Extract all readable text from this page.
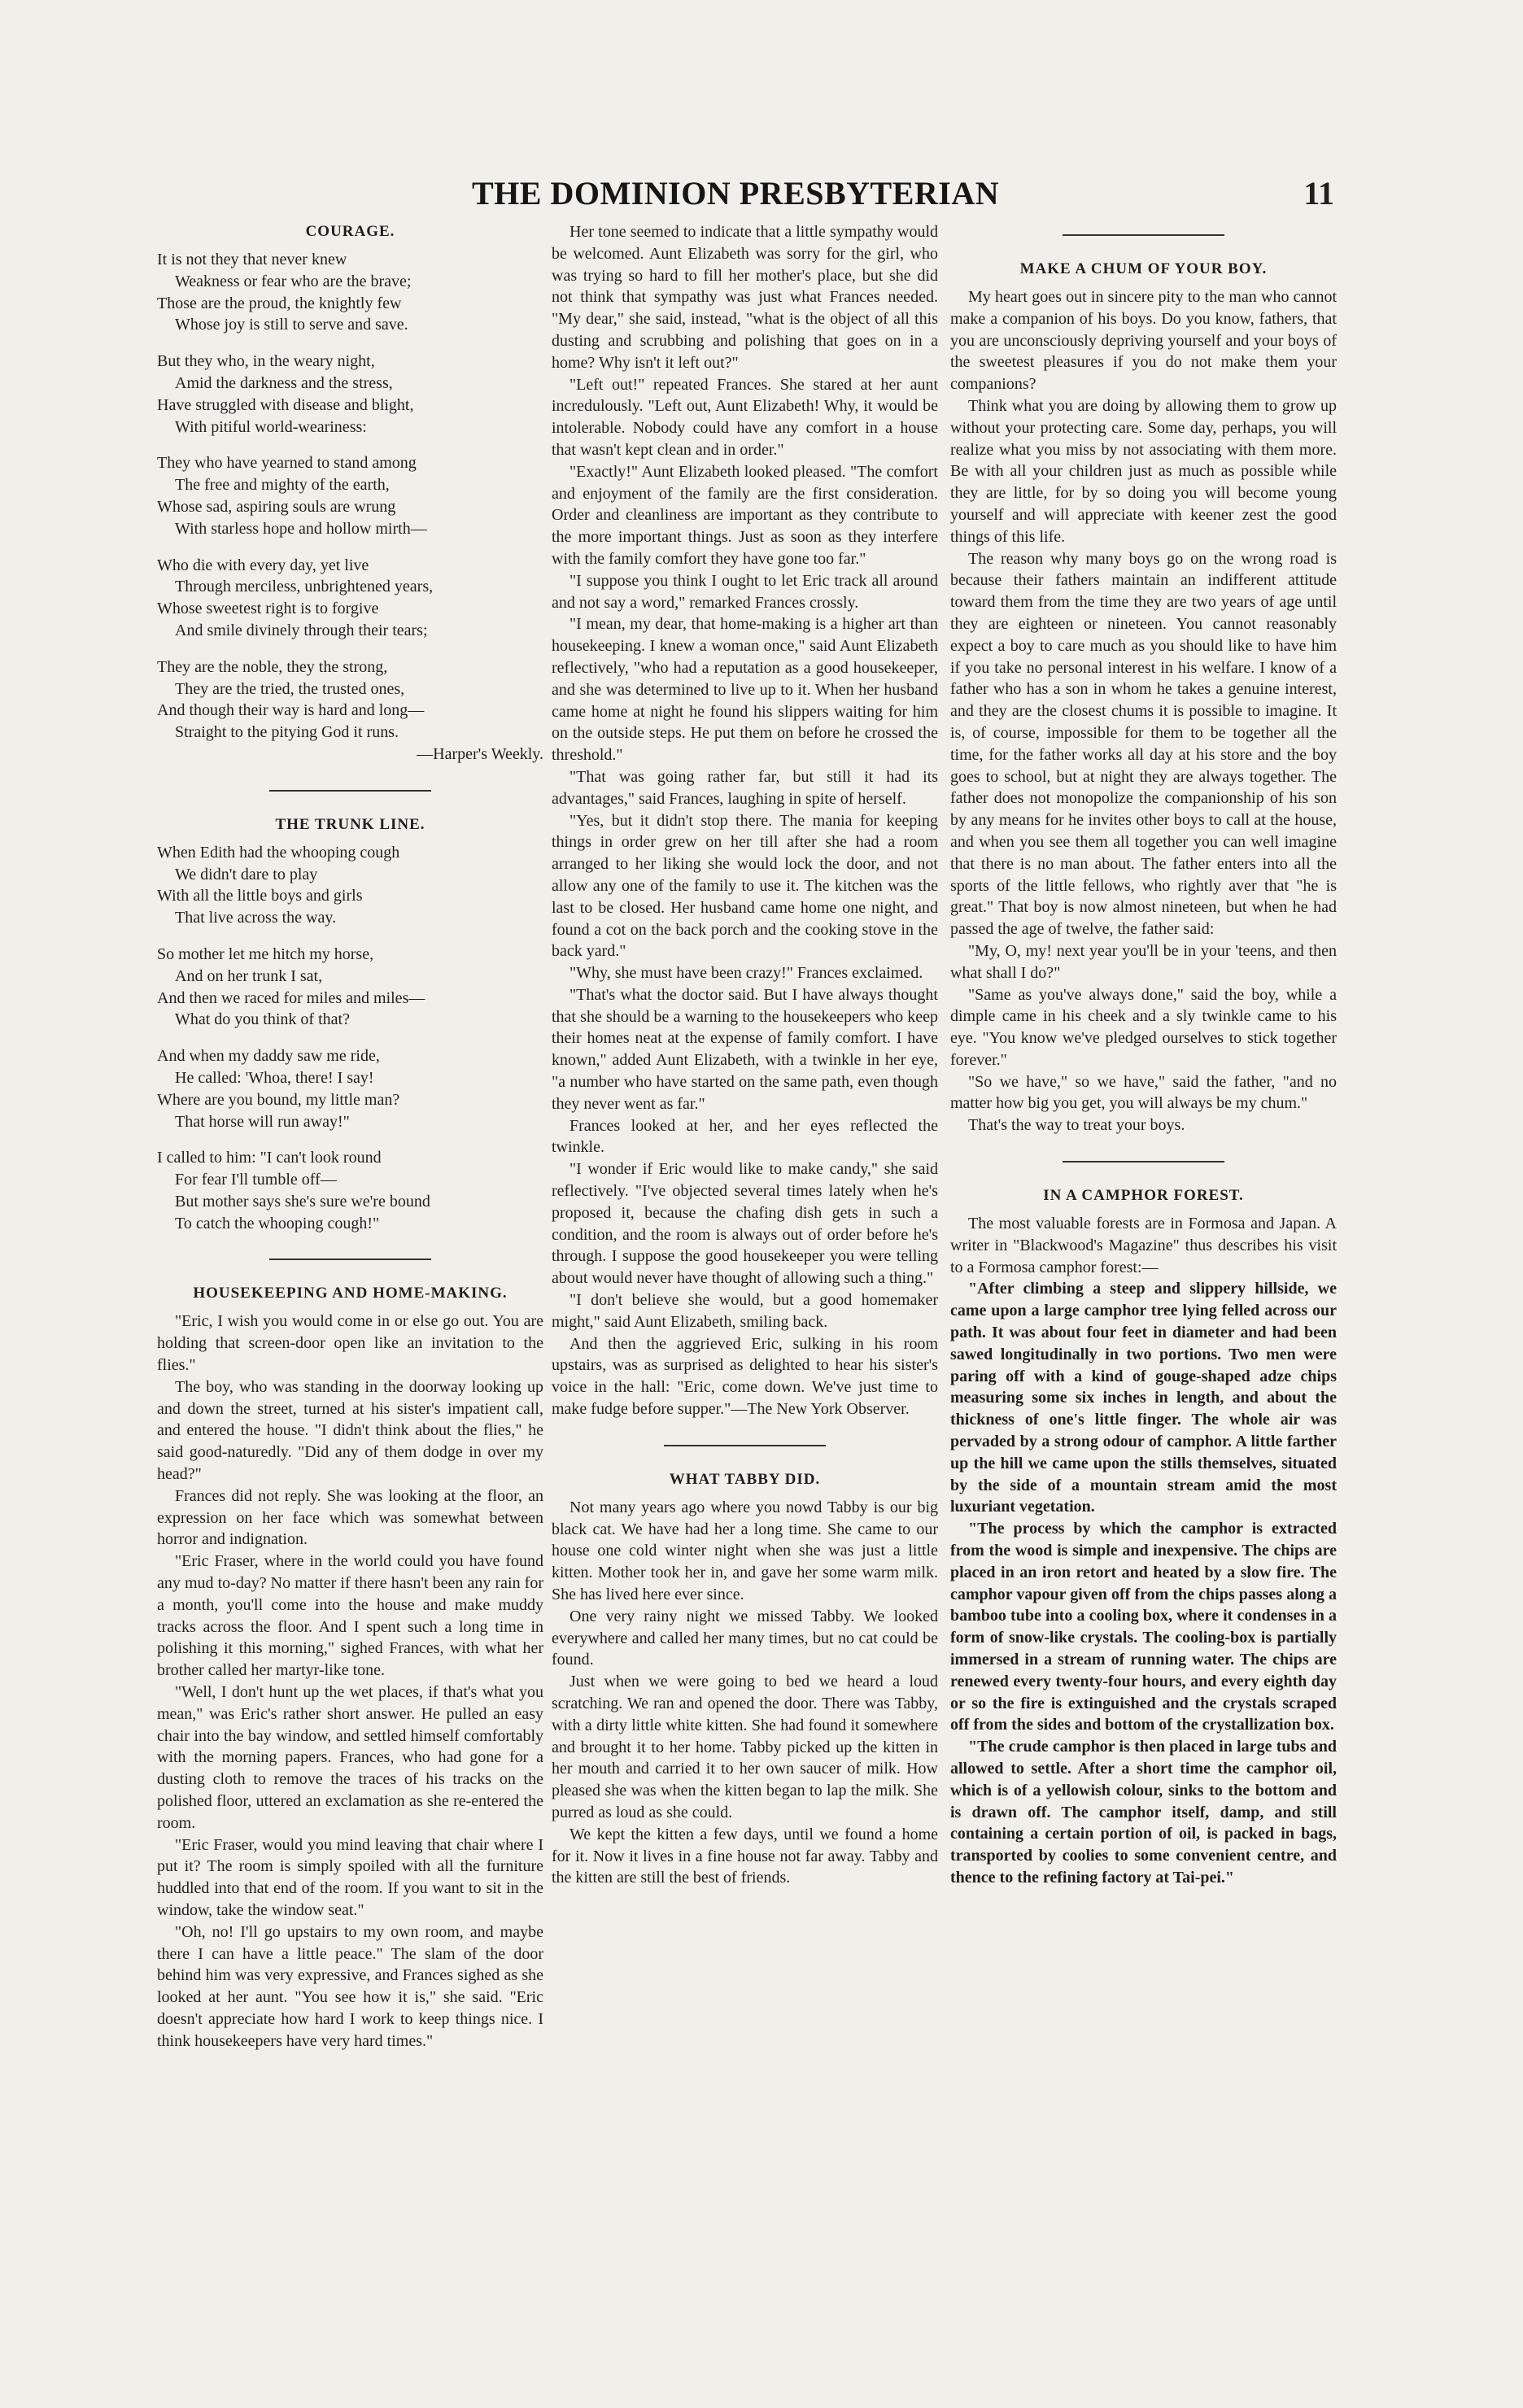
THE DOMINION PRESBYTERIAN	11
COURAGE.
It is not they that never knew
Weakness or fear who are the brave;
Those are the proud, the knightly few
Whose joy is still to serve and save.
But they who, in the weary night,
Amid the darkness and the stress,
Have struggled with disease and blight,
With pitiful world-weariness:
They who have yearned to stand among
The free and mighty of the earth,
Whose sad, aspiring souls are wrung
With starless hope and hollow mirth—
Who die with every day, yet live
Through merciless, unbrightened years,
Whose sweetest right is to forgive
And smile divinely through their tears;
They are the noble, they the strong,
They are the tried, the trusted ones,
And though their way is hard and long—
Straight to the pitying God it runs.
—Harper's Weekly.
THE TRUNK LINE.
When Edith had the whooping cough
We didn't dare to play
With all the little boys and girls
That live across the way.
So mother let me hitch my horse,
And on her trunk I sat,
And then we raced for miles and miles—
What do you think of that?
And when my daddy saw me ride,
He called: 'Whoa, there! I say!
Where are you bound, my little man?
That horse will run away!"
I called to him: "I can't look round
For fear I'll tumble off—
But mother says she's sure we're bound
To catch the whooping cough!"
HOUSEKEEPING AND HOME-MAKING.

"Eric, I wish you would come in or else go out. You are holding that screen-door open like an invitation to the flies."

The boy, who was standing in the doorway looking up and down the street, turned at his sister's impatient call, and entered the house. "I didn't think about the flies," he said good-naturedly. "Did any of them dodge in over my head?"

Frances did not reply. She was looking at the floor, an expression on her face which was somewhat between horror and indignation.

"Eric Fraser, where in the world could you have found any mud to-day? No matter if there hasn't been any rain for a month, you'll come into the house and make muddy tracks across the floor. And I spent such a long time in polishing it this morning," sighed Frances, with what her brother called her martyr-like tone.

"Well, I don't hunt up the wet places, if that's what you mean," was Eric's rather short answer. He pulled an easy chair into the bay window, and settled himself comfortably with the morning papers. Frances, who had gone for a dusting cloth to remove the traces of his tracks on the polished floor, uttered an exclamation as she re-entered the room.

"Eric Fraser, would you mind leaving that chair where I put it? The room is simply spoiled with all the furniture huddled into that end of the room. If you want to sit in the window, take the window seat."

"Oh, no! I'll go upstairs to my own room, and maybe there I can have a little peace." The slam of the door behind him was very expressive, and Frances sighed as she looked at her aunt. "You see how it is," she said. "Eric doesn't appreciate how hard I work to keep things nice. I think housekeepers have very hard times."

Her tone seemed to indicate that a little sympathy would be welcomed. Aunt Elizabeth was sorry for the girl, who was trying so hard to fill her mother's place, but she did not think that sympathy was just what Frances needed. "My dear," she said, instead, "what is the object of all this dusting and scrubbing and polishing that goes on in a home? Why isn't it left out?"

"Left out!" repeated Frances. She stared at her aunt incredulously. "Left out, Aunt Elizabeth! Why, it would be intolerable. Nobody could have any comfort in a house that wasn't kept clean and in order."

"Exactly!" Aunt Elizabeth looked pleased. "The comfort and enjoyment of the family are the first consideration. Order and cleanliness are important as they contribute to the more important things. Just as soon as they interfere with the family comfort they have gone too far."

"I suppose you think I ought to let Eric track all around and not say a word," remarked Frances crossly.

"I mean, my dear, that home-making is a higher art than housekeeping. I knew a woman once," said Aunt Elizabeth reflectively, "who had a reputation as a good housekeeper, and she was determined to live up to it. When her husband came home at night he found his slippers waiting for him on the outside steps. He put them on before he crossed the threshold."

"That was going rather far, but still it had its advantages," said Frances, laughing in spite of herself.

"Yes, but it didn't stop there. The mania for keeping things in order grew on her till after she had a room arranged to her liking she would lock the door, and not allow any one of the family to use it. The kitchen was the last to be closed. Her husband came home one night, and found a cot on the back porch and the cooking stove in the back yard."

"Why, she must have been crazy!" Frances exclaimed.

"That's what the doctor said. But I have always thought that she should be a warning to the housekeepers who keep their homes neat at the expense of family comfort. I have known," added Aunt Elizabeth, with a twinkle in her eye, "a number who have started on the same path, even though they never went as far."

Frances looked at her, and her eyes reflected the twinkle.

"I wonder if Eric would like to make candy," she said reflectively. "I've objected several times lately when he's proposed it, because the chafing dish gets in such a condition, and the room is always out of order before he's through. I suppose the good housekeeper you were telling about would never have thought of allowing such a thing."

"I don't believe she would, but a good homemaker might," said Aunt Elizabeth, smiling back.

And then the aggrieved Eric, sulking in his room upstairs, was as surprised as delighted to hear his sister's voice in the hall: "Eric, come down. We've just time to make fudge before supper."—The New York Observer.

WHAT TABBY DID.

Not many years ago where you nowd Tabby is our big black cat. We have had her a long time. She came to our house one cold winter night when she was just a little kitten. Mother took her in, and gave her some warm milk. She has lived here ever since.

One very rainy night we missed Tabby. We looked everywhere and called her many times, but no cat could be found.

Just when we were going to bed we heard a loud scratching. We ran and opened the door. There was Tabby, with a dirty little white kitten. She had found it somewhere and brought it to her home. Tabby picked up the kitten in her mouth and carried it to her own saucer of milk. How pleased she was when the kitten began to lap the milk. She purred as loud as she could.

We kept the kitten a few days, until we found a home for it. Now it lives in a fine house not far away. Tabby and the kitten are still the best of friends.

MAKE A CHUM OF YOUR BOY.

My heart goes out in sincere pity to the man who cannot make a companion of his boys. Do you know, fathers, that you are unconsciously depriving yourself and your boys of the sweetest pleasures if you do not make them your companions?

Think what you are doing by allowing them to grow up without your protecting care. Some day, perhaps, you will realize what you miss by not associating with them more. Be with all your children just as much as possible while they are little, for by so doing you will become young yourself and will appreciate with keener zest the good things of this life.

The reason why many boys go on the wrong road is because their fathers maintain an indifferent attitude toward them from the time they are two years of age until they are eighteen or nineteen. You cannot reasonably expect a boy to care much as you should like to have him if you take no personal interest in his welfare. I know of a father who has a son in whom he takes a genuine interest, and they are the closest chums it is possible to imagine. It is, of course, impossible for them to be together all the time, for the father works all day at his store and the boy goes to school, but at night they are always together. The father does not monopolize the companionship of his son by any means for he invites other boys to call at the house, and when you see them all together you can well imagine that there is no man about. The father enters into all the sports of the little fellows, who rightly aver that "he is great." That boy is now almost nineteen, but when he had passed the age of twelve, the father said:

"My, O, my! next year you'll be in your 'teens, and then what shall I do?"

"Same as you've always done," said the boy, while a dimple came in his cheek and a sly twinkle came to his eye. "You know we've pledged ourselves to stick together forever."

"So we have," so we have," said the father, "and no matter how big you get, you will always be my chum."

That's the way to treat your boys.

IN A CAMPHOR FOREST.

The most valuable forests are in Formosa and Japan. A writer in "Blackwood's Magazine" thus describes his visit to a Formosa camphor forest:—

"After climbing a steep and slippery hillside, we came upon a large camphor tree lying felled across our path. It was about four feet in diameter and had been sawed longitudinally in two portions. Two men were paring off with a kind of gouge-shaped adze chips measuring some six inches in length, and about the thickness of one's little finger. The whole air was pervaded by a strong odour of camphor. A little farther up the hill we came upon the stills themselves, situated by the side of a mountain stream amid the most luxuriant vegetation.

"The process by which the camphor is extracted from the wood is simple and inexpensive. The chips are placed in an iron retort and heated by a slow fire. The camphor vapour given off from the chips passes along a bamboo tube into a cooling box, where it condenses in a form of snow-like crystals. The cooling-box is partially immersed in a stream of running water. The chips are renewed every twenty-four hours, and every eighth day or so the fire is extinguished and the crystals scraped off from the sides and bottom of the crystallization box.

"The crude camphor is then placed in large tubs and allowed to settle. After a short time the camphor oil, which is of a yellowish colour, sinks to the bottom and is drawn off. The camphor itself, damp, and still containing a certain portion of oil, is packed in bags, transported by coolies to some convenient centre, and thence to the refining factory at Tai-pei."
